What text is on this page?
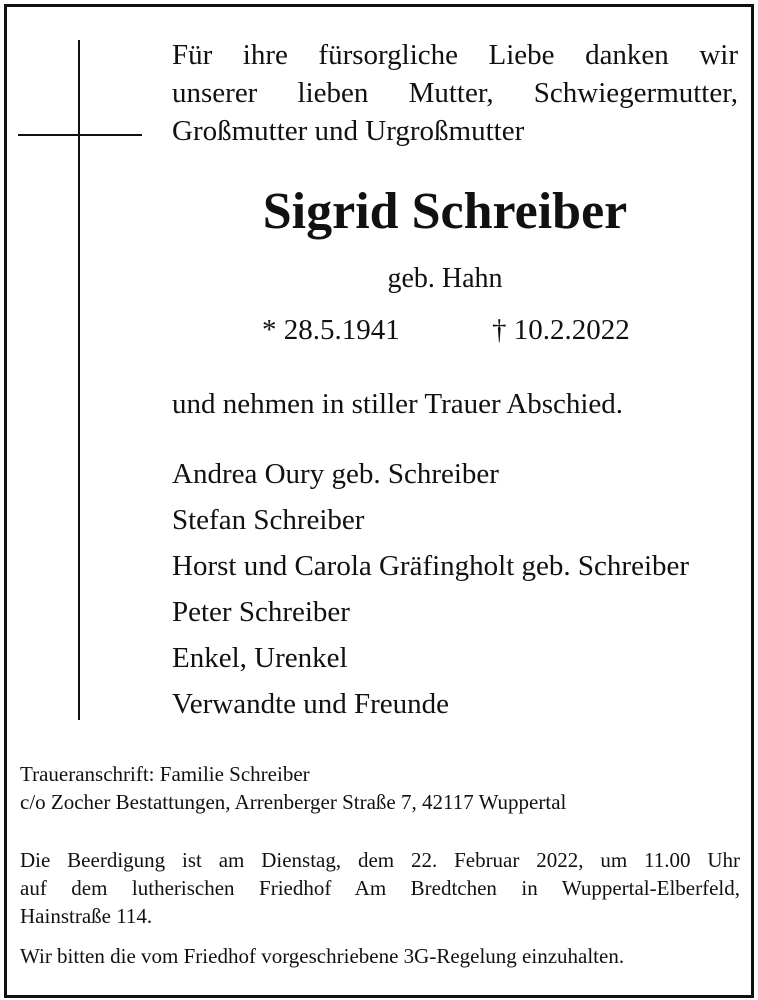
Für ihre fürsorgliche Liebe danken wir
unserer lieben Mutter, Schwiegermutter,
Großmutter und Urgroßmutter

Sigrid Schreiber

geb. Hahn

* 28.5.1941	† 10.2.2022

und nehmen in stiller Trauer Abschied.

Andrea Oury geb. Schreiber
Stefan Schreiber
Horst und Carola Gräfingholt geb. Schreiber
Peter Schreiber
Enkel, Urenkel
Verwandte und Freunde

Traueranschrift: Familie Schreiber
c/o Zocher Bestattungen, Arrenberger Straße 7, 42117 Wuppertal

Die Beerdigung ist am Dienstag, dem 22. Februar 2022, um 11.00 Uhr
auf dem lutherischen Friedhof Am Bredtchen in Wuppertal-Elberfeld,
Hainstraße 114.

Wir bitten die vom Friedhof vorgeschriebene 3G-Regelung einzuhalten.
